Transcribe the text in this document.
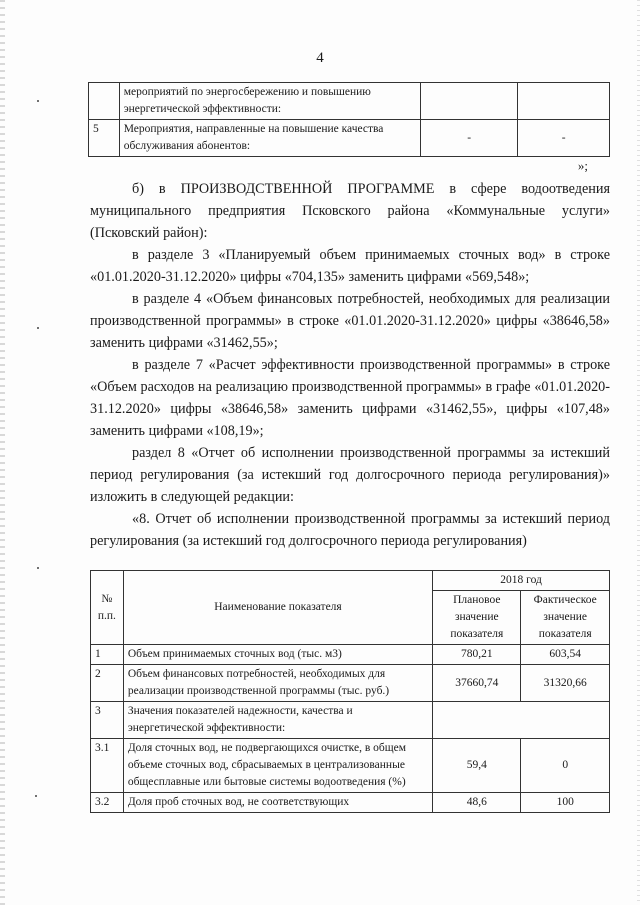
4
	мероприятий по энергосбережению и повышению энергетической эффективности:		
5	Мероприятия, направленные на повышение качества обслуживания абонентов:	-	-
»;

б) в ПРОИЗВОДСТВЕННОЙ ПРОГРАММЕ в сфере водоотведения муниципального предприятия Псковского района «Коммунальные услуги» (Псковский район):

в разделе 3 «Планируемый объем принимаемых сточных вод» в строке «01.01.2020-31.12.2020» цифры «704,135» заменить цифрами «569,548»;

в разделе 4 «Объем финансовых потребностей, необходимых для реализации производственной программы» в строке «01.01.2020-31.12.2020» цифры «38646,58» заменить цифрами «31462,55»;

в разделе 7 «Расчет эффективности производственной программы» в строке «Объем расходов на реализацию производственной программы» в графе «01.01.2020-31.12.2020» цифры «38646,58» заменить цифрами «31462,55», цифры «107,48» заменить цифрами «108,19»;

раздел 8 «Отчет об исполнении производственной программы за истекший период регулирования (за истекший год долгосрочного периода регулирования)» изложить в следующей редакции:

«8. Отчет об исполнении производственной программы за истекший период регулирования (за истекший год долгосрочного периода регулирования)

№ п.п.	Наименование показателя	2018 год	
		Плановое значение показателя	Фактическое значение показателя
1	Объем принимаемых сточных вод (тыс. м3)	780,21	603,54
2	Объем финансовых потребностей, необходимых для реализации производственной программы (тыс. руб.)	37660,74	31320,66
3	Значения показателей надежности, качества и энергетической эффективности:		
3.1	Доля сточных вод, не подвергающихся очистке, в общем объеме сточных вод, сбрасываемых в централизованные общесплавные или бытовые системы водоотведения (%)	59,4	0
3.2	Доля проб сточных вод, не соответствующих	48,6	100
